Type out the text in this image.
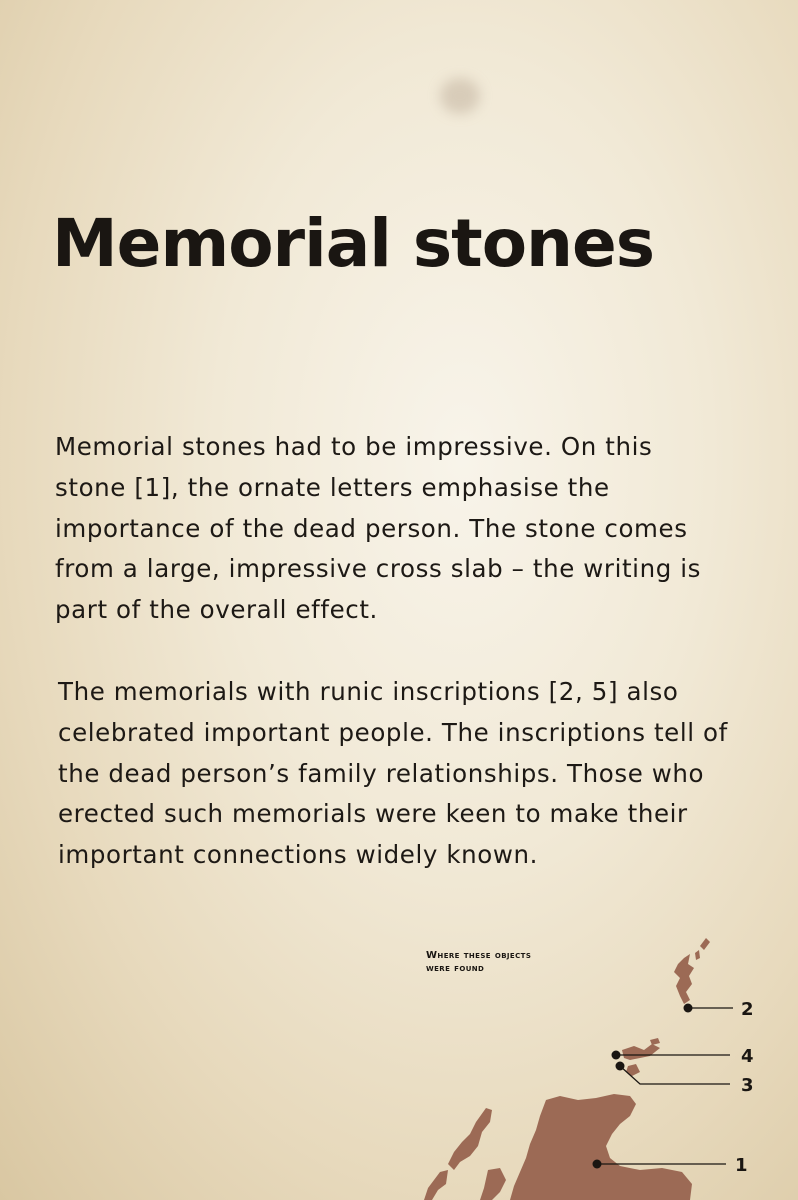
Memorial stones

Memorial stones had to be impressive. On this
stone [1], the ornate letters emphasise the
importance of the dead person. The stone comes
from a large, impressive cross slab – the writing is
part of the overall effect.

The memorials with runic inscriptions [2, 5] also
celebrated important people. The inscriptions tell of
the dead person’s family relationships. Those who
erected such memorials were keen to make their
important connections widely known.

Where these objects
were found
2
4
3
1
